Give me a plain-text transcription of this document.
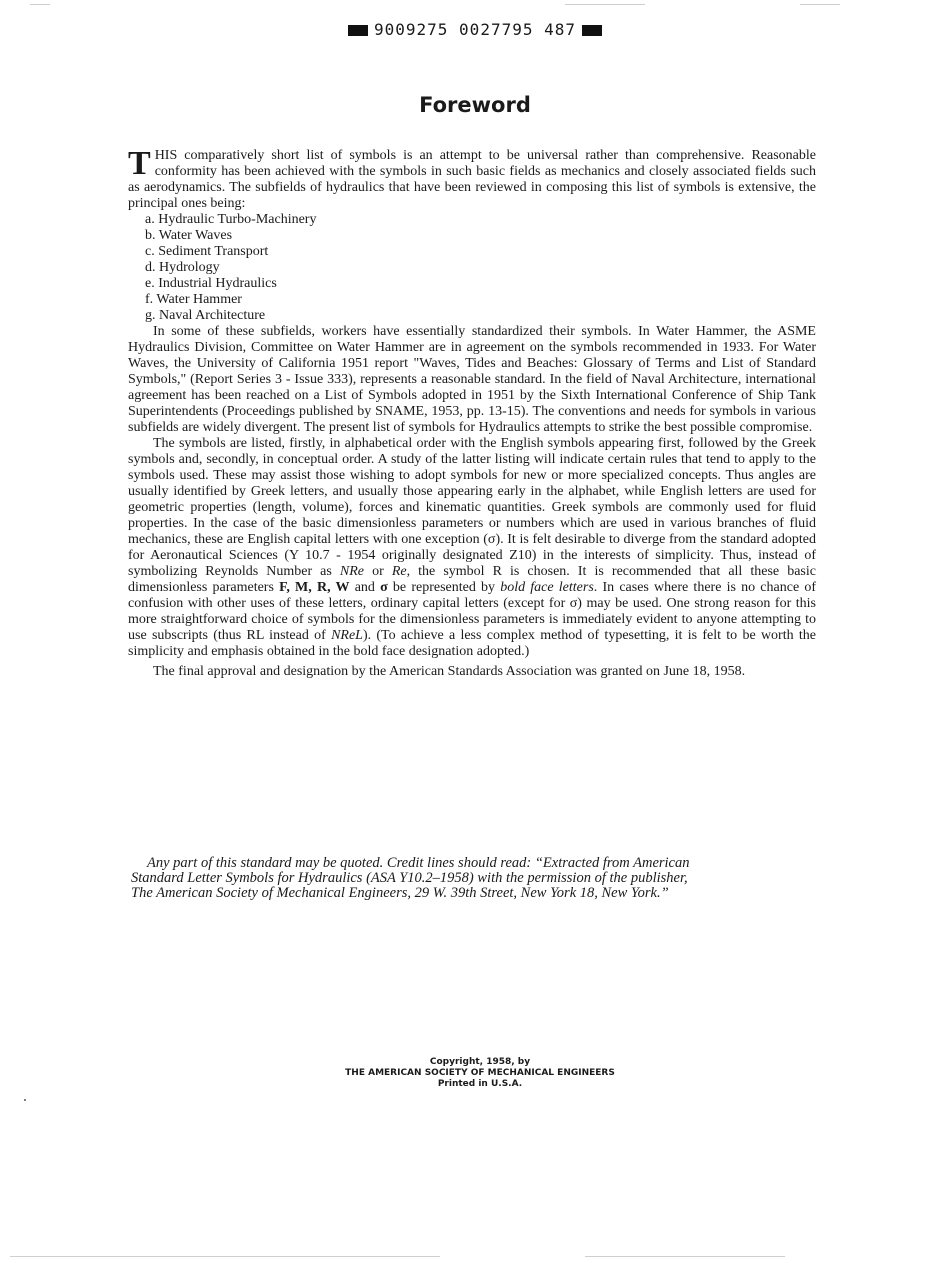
9009275 0027795 487
Foreword

THIS comparatively short list of symbols is an attempt to be universal rather than comprehensive. Reasonable conformity has been achieved with the symbols in such basic fields as mechanics and closely associated fields such as aerodynamics. The subfields of hydraulics that have been reviewed in composing this list of symbols is extensive, the principal ones being:

a. Hydraulic Turbo-Machinery
b. Water Waves
c. Sediment Transport
d. Hydrology
e. Industrial Hydraulics
f. Water Hammer
g. Naval Architecture

In some of these subfields, workers have essentially standardized their symbols. In Water Hammer, the ASME Hydraulics Division, Committee on Water Hammer are in agreement on the symbols recommended in 1933. For Water Waves, the University of California 1951 report "Waves, Tides and Beaches: Glossary of Terms and List of Standard Symbols," (Report Series 3 - Issue 333), represents a reasonable standard. In the field of Naval Architecture, international agreement has been reached on a List of Symbols adopted in 1951 by the Sixth International Conference of Ship Tank Superintendents (Proceedings published by SNAME, 1953, pp. 13-15). The conventions and needs for symbols in various subfields are widely divergent. The present list of symbols for Hydraulics attempts to strike the best possible compromise.

The symbols are listed, firstly, in alphabetical order with the English symbols appearing first, followed by the Greek symbols and, secondly, in conceptual order. A study of the latter listing will indicate certain rules that tend to apply to the symbols used. These may assist those wishing to adopt symbols for new or more specialized concepts. Thus angles are usually identified by Greek letters, and usually those appearing early in the alphabet, while English letters are used for geometric properties (length, volume), forces and kinematic quantities. Greek symbols are commonly used for fluid properties. In the case of the basic dimensionless parameters or numbers which are used in various branches of fluid mechanics, these are English capital letters with one exception (σ). It is felt desirable to diverge from the standard adopted for Aeronautical Sciences (Y 10.7 - 1954 originally designated Z10) in the interests of simplicity. Thus, instead of symbolizing Reynolds Number as NRe or Re, the symbol R is chosen. It is recommended that all these basic dimensionless parameters F, M, R, W and σ be represented by bold face letters. In cases where there is no chance of confusion with other uses of these letters, ordinary capital letters (except for σ) may be used. One strong reason for this more straightforward choice of symbols for the dimensionless parameters is immediately evident to anyone attempting to use subscripts (thus RL instead of NReL). (To achieve a less complex method of typesetting, it is felt to be worth the simplicity and emphasis obtained in the bold face designation adopted.)

The final approval and designation by the American Standards Association was granted on June 18, 1958.

Any part of this standard may be quoted. Credit lines should read: “Extracted from American
Standard Letter Symbols for Hydraulics (ASA Y10.2–1958) with the permission of the publisher,
The American Society of Mechanical Engineers, 29 W. 39th Street, New York 18, New York.”
Copyright, 1958, by
THE AMERICAN SOCIETY OF MECHANICAL ENGINEERS
Printed in U.S.A.
